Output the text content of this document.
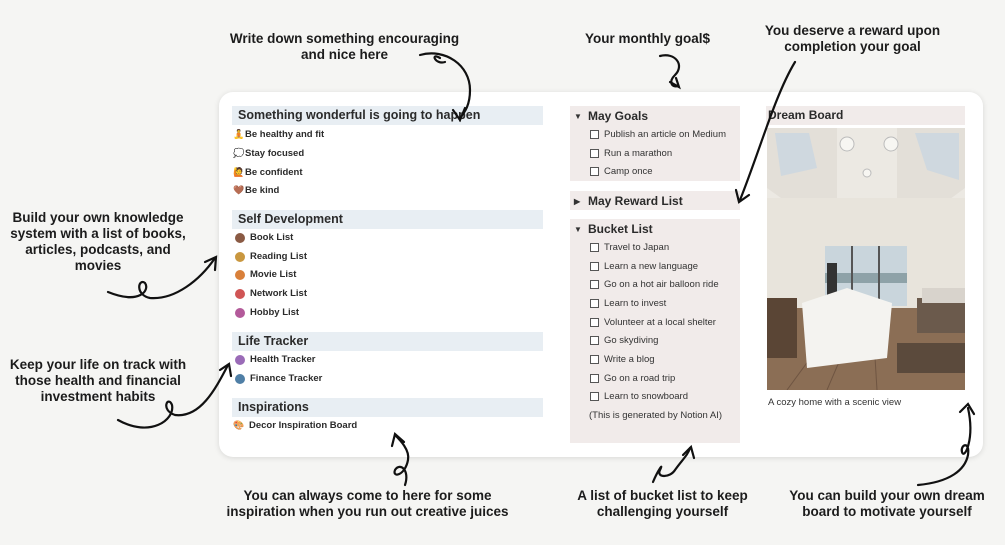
Write down something encouraging
and nice here
Your monthly goal$
You deserve a reward upon
completion your goal
Build your own knowledge
system with a list of books,
articles, podcasts, and
movies
Keep your life on track with
those health and financial
investment habits
You can always come to here for some
inspiration when you run out creative juices
A list of bucket list to keep
challenging yourself
You can build your own dream
board to motivate yourself
Something wonderful is going to happen
🧘 Be healthy and fit
💭 Stay focused
🙋 Be confident
🤎 Be kind
Self Development
Book List
Reading List
Movie List
Network List
Hobby List
Life Tracker
Health Tracker
Finance Tracker
Inspirations
🎨 Decor Inspiration Board
▼ May Goals
Publish an article on Medium
Run a marathon
Camp once
▶ May Reward List
▼ Bucket List
Travel to Japan
Learn a new language
Go on a hot air balloon ride
Learn to invest
Volunteer at a local shelter
Go skydiving
Write a blog
Go on a road trip
Learn to snowboard
(This is generated by Notion AI)
Dream Board
A cozy home with a scenic view
